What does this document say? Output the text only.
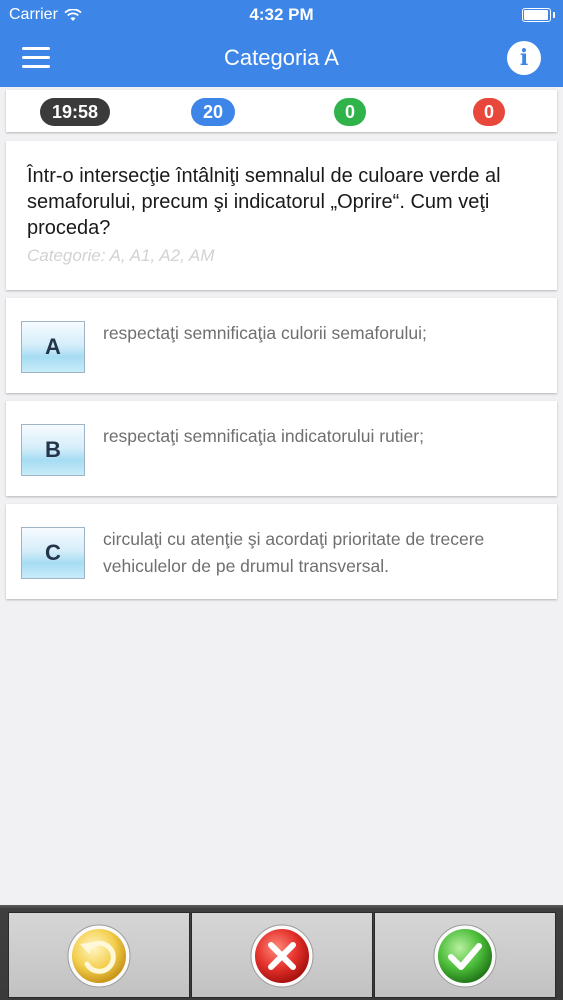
Carrier	4:32 PM
Categoria A	i
19:58	20	0	0
Într-o intersecţie întâlniţi semnalul de culoare verde al semaforului, precum şi indicatorul „Oprire“. Cum veţi proceda?
Categorie: A, A1, A2, AM
A
respectaţi semnificaţia culorii semaforului;
B
respectaţi semnificaţia indicatorului rutier;
C
circulaţi cu atenţie şi acordaţi prioritate de trecere vehiculelor de pe drumul transversal.
